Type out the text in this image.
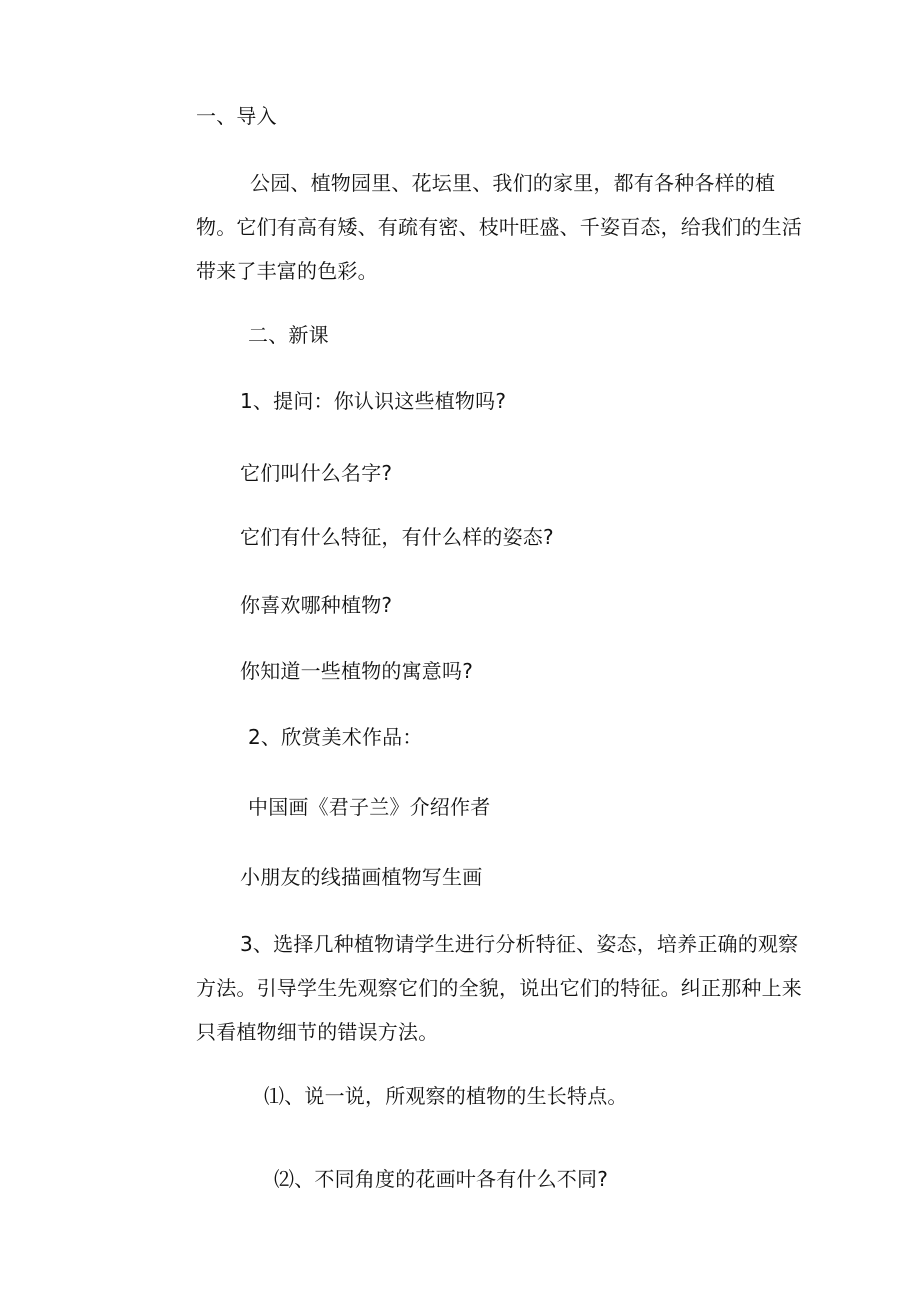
一、导入
公园、植物园里、花坛里、我们的家里，都有各种各样的植
物。它们有高有矮、有疏有密、枝叶旺盛、千姿百态，给我们的生活
带来了丰富的色彩。
二、新课
1、提问：你认识这些植物吗?
它们叫什么名字?
它们有什么特征，有什么样的姿态?
你喜欢哪种植物?
你知道一些植物的寓意吗?
2、欣赏美术作品：
中国画《君子兰》介绍作者
小朋友的线描画植物写生画
3、选择几种植物请学生进行分析特征、姿态，培养正确的观察
方法。引导学生先观察它们的全貌，说出它们的特征。纠正那种上来
只看植物细节的错误方法。
⑴、说一说，所观察的植物的生长特点。
⑵、不同角度的花画叶各有什么不同?
